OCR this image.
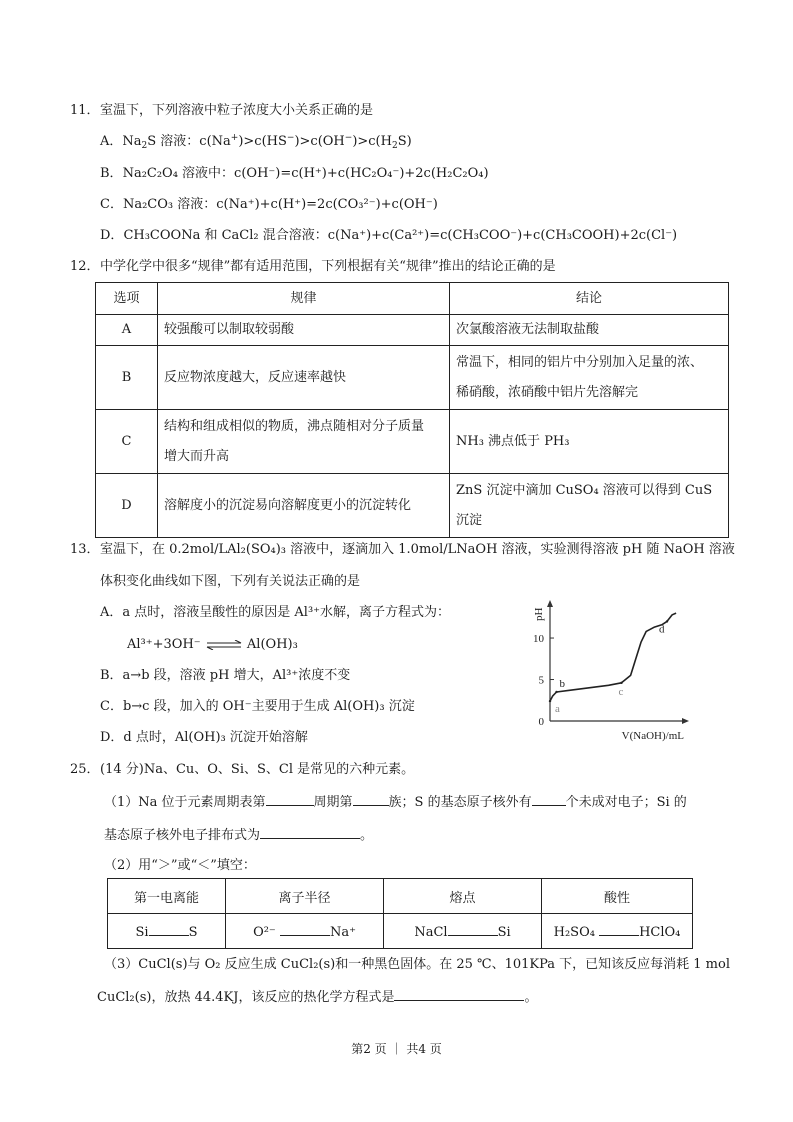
11． 室温下，下列溶液中粒子浓度大小关系正确的是
A．$Na_2S$ 溶液：$c(Na^+)>c(HS^-)>c(OH^-)>c(H_2S)$
B．Na₂C₂O₄ 溶液中：c(OH⁻)=c(H⁺)+c(HC₂O₄⁻)+2c(H₂C₂O₄)
C．Na₂CO₃ 溶液：c(Na⁺)+c(H⁺)=2c(CO₃²⁻)+c(OH⁻)
D．CH₃COONa 和 CaCl₂ 混合溶液：c(Na⁺)+c(Ca²⁺)=c(CH₃COO⁻)+c(CH₃COOH)+2c(Cl⁻)
12． 中学化学中很多“规律”都有适用范围，下列根据有关“规律”推出的结论正确的是
选项	规律	结论
A	较强酸可以制取较弱酸	次氯酸溶液无法制取盐酸
B	反应物浓度越大，反应速率越快	常温下，相同的铝片中分别加入足量的浓、
稀硝酸，浓硝酸中铝片先溶解完

C	结构和组成相似的物质，沸点随相对分子质量
增大而升高	NH₃ 沸点低于 PH₃
D	溶解度小的沉淀易向溶解度更小的沉淀转化	ZnS 沉淀中滴加 CuSO₄ 溶液可以得到 CuS
沉淀
13． 室温下，在 0.2mol/LAl₂(SO₄)₃ 溶液中，逐滴加入 1.0mol/LNaOH 溶液，实验测得溶液 pH 随 NaOH 溶液
体积变化曲线如下图，下列有关说法正确的是
A．a 点时，溶液呈酸性的原因是 Al³⁺水解，离子方程式为：
Al³⁺+3OH⁻ ⇌ Al(OH)₃
B．a→b 段，溶液 pH 增大，Al³⁺浓度不变
C．b→c 段，加入的 OH⁻主要用于生成 Al(OH)₃ 沉淀
D．d 点时，Al(OH)₃ 沉淀开始溶解
pH
V(NaOH)/mL
0
5
10
a
b
c
d
25． (14 分)Na、Cu、O、Si、S、Cl 是常见的六种元素。
（1）Na 位于元素周期表第	周期第	族；S 的基态原子核外有	个未成对电子；Si 的
基态原子核外电子排布式为	。
（2）用“＞”或“＜”填空：
第一电离能	离子半径	熔点	酸性
Si S	O²⁻ Na⁺	NaCl Si	H₂SO₄ HClO₄
（3）CuCl(s)与 O₂ 反应生成 CuCl₂(s)和一种黑色固体。在 25 ℃、101KPa 下，已知该反应每消耗 1 mol
CuCl₂(s)，放热 44.4KJ，该反应的热化学方程式是	。
第2 页 ｜ 共4 页
